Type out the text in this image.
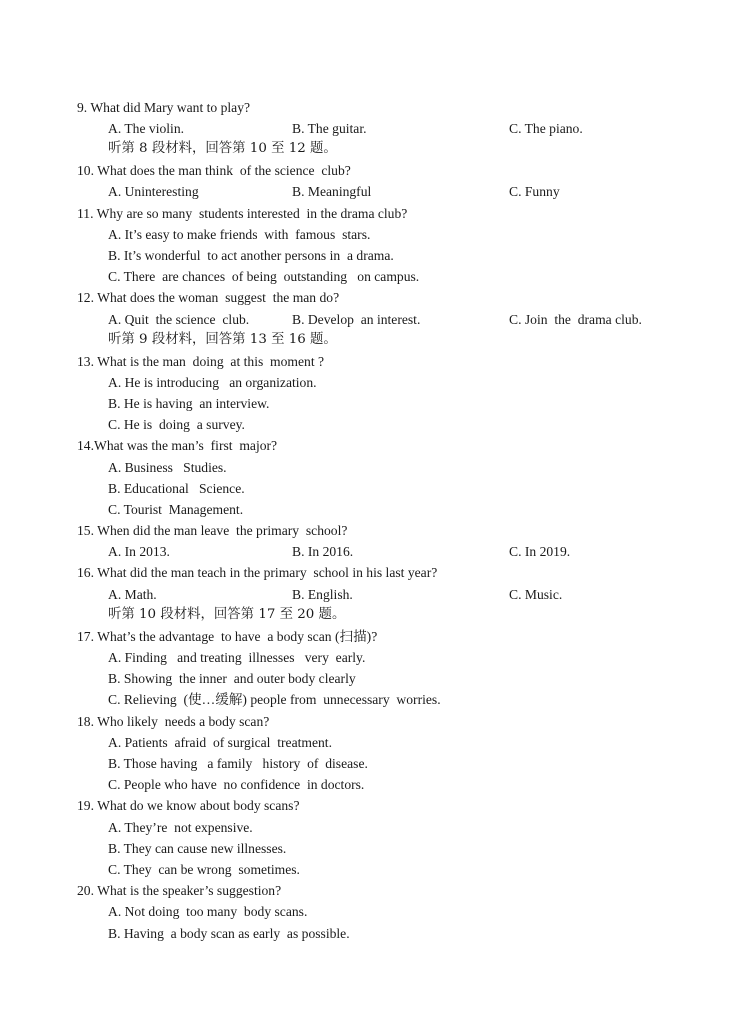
9. What did Mary want to play?
A. The violin.	B. The guitar.	C. The piano.
听第 8 段材料，回答第 10 至 12 题。
10. What does the man think  of the science  club?
A. Uninteresting	B. Meaningful	C. Funny
11. Why are so many  students interested  in the drama club?
A. It’s easy to make friends  with  famous  stars.
B. It’s wonderful  to act another persons in  a drama.
C. There  are chances  of being  outstanding   on campus.
12. What does the woman  suggest  the man do?
A. Quit  the science  club.	B. Develop  an interest.	C. Join  the  drama club.
听第 9 段材料，回答第 13 至 16 题。
13. What is the man  doing  at this  moment ?
A. He is introducing   an organization.
B. He is having  an interview.
C. He is  doing  a survey.
14.What was the man’s  first  major?
A. Business   Studies.
B. Educational   Science.
C. Tourist  Management.
15. When did the man leave  the primary  school?
A. In 2013.	B. In 2016.	C. In 2019.
16. What did the man teach in the primary  school in his last year?
A. Math.	B. English.	C. Music.
听第 10 段材料，回答第 17 至 20 题。
17. What’s the advantage  to have  a body scan (扫描)?
A. Finding   and treating  illnesses   very  early.
B. Showing  the inner  and outer body clearly
C. Relieving  (使…缓解) people from  unnecessary  worries.
18. Who likely  needs a body scan?
A. Patients  afraid  of surgical  treatment.
B. Those having   a family   history  of  disease.
C. People who have  no confidence  in doctors.
19. What do we know about body scans?
A. They’re  not expensive.
B. They can cause new illnesses.
C. They  can be wrong  sometimes.
20. What is the speaker’s suggestion?
A. Not doing  too many  body scans.
B. Having  a body scan as early  as possible.
